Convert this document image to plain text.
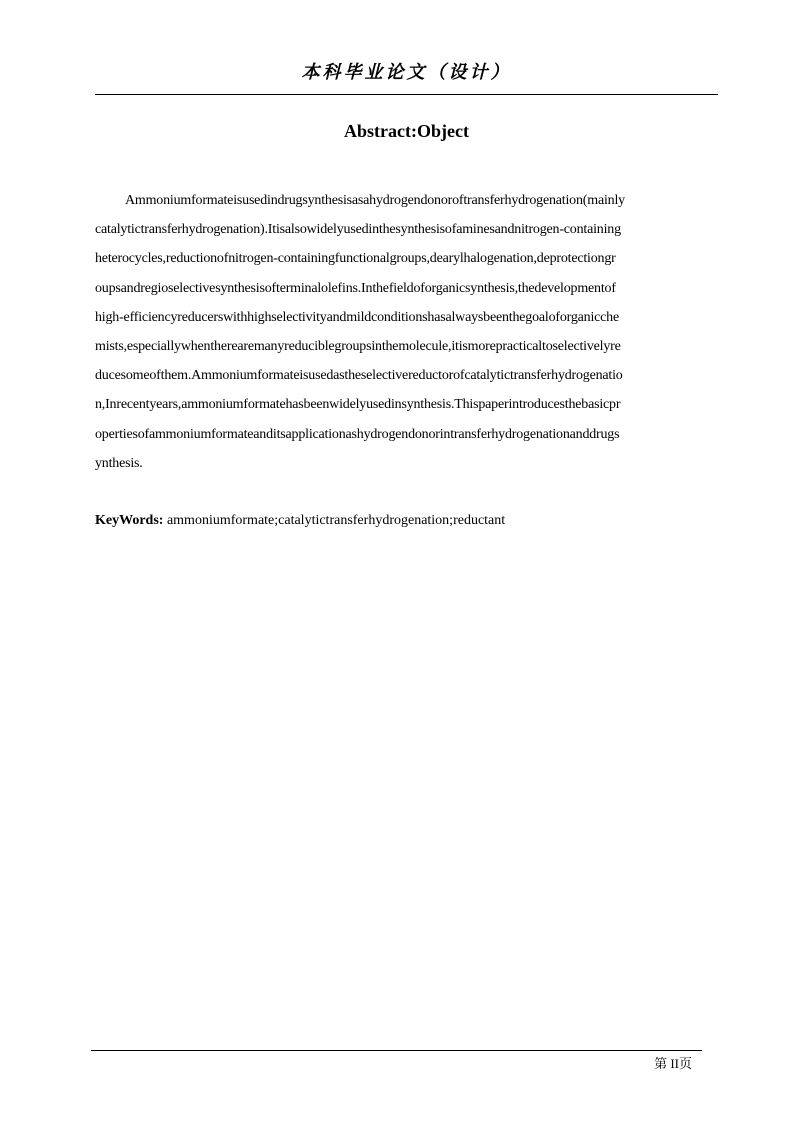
本科毕业论文（设计）
Abstract:Object
Ammoniumformateisusedindrugsynthesisasahydrogendonoroftransferhydrogenation(mainly
catalytictransferhydrogenation).Itisalsowidelyusedinthesynthesisofaminesandnitrogen-containing
heterocycles,reductionofnitrogen-containingfunctionalgroups,dearylhalogenation,deprotectiongr
oupsandregioselectivesynthesisofterminalolefins.Inthefieldoforganicsynthesis,thedevelopmentof
high-efficiencyreducerswithhighselectivityandmildconditionshasalwaysbeenthegoaloforganicche
mists,especiallywhentherearemanyreduciblegroupsinthemolecule,itismorepracticaltoselectivelyre
ducesomeofthem.Ammoniumformateisusedastheselectivereductorofcatalytictransferhydrogenatio
n,Inrecentyears,ammoniumformatehasbeenwidelyusedinsynthesis.Thispaperintroducesthebasicpr
opertiesofammoniumformateanditsapplicationashydrogendonorintransferhydrogenationanddrugs
ynthesis.
KeyWords: ammoniumformate;catalytictransferhydrogenation;reductant
第 II页
